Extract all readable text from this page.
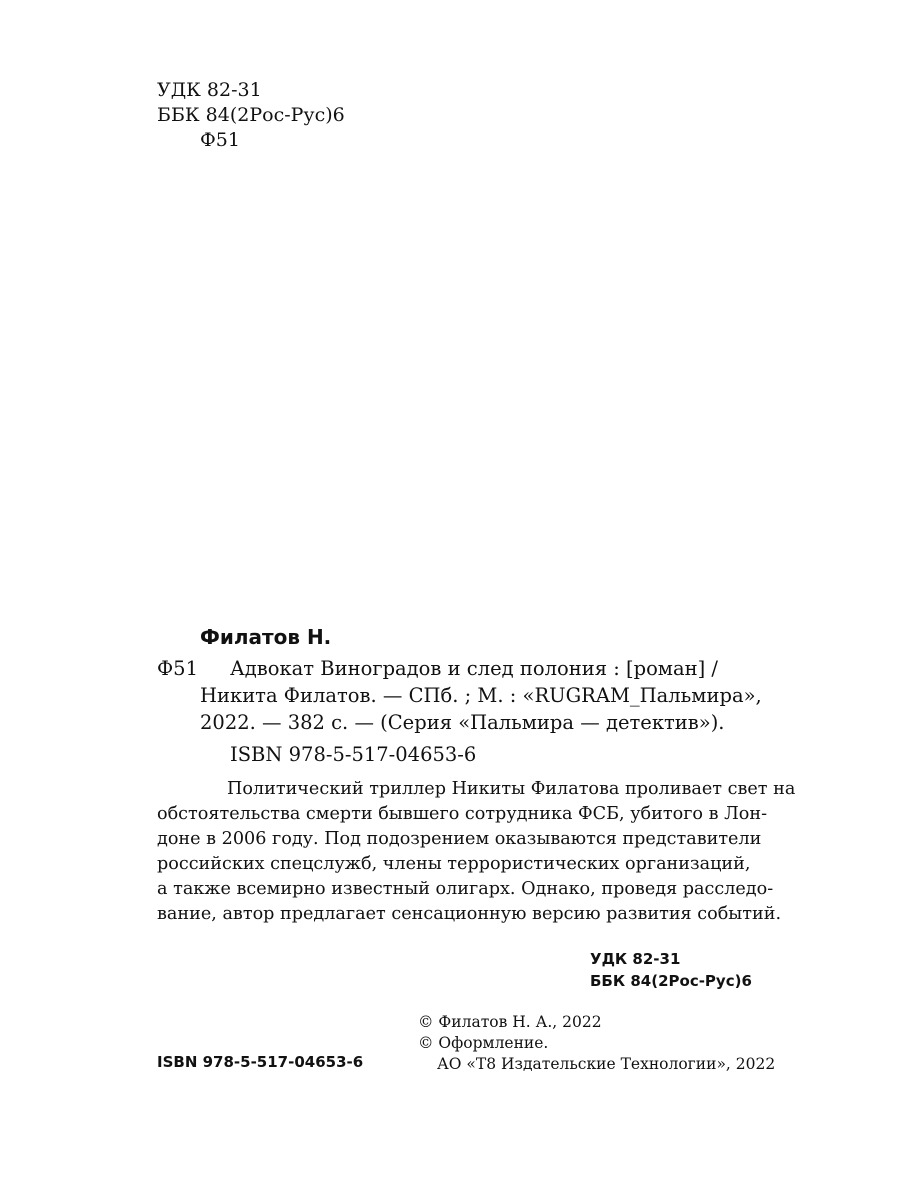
УДК 82-31
ББК 84(2Рос-Рус)6
Ф51
Филатов Н.
Ф51 Адвокат Виноградов и след полония : [роман] /
Никита Филатов. — СПб. ; М. : «RUGRAM_Пальмира»,
2022. — 382 с. — (Серия «Пальмира — детектив»).
ISBN 978-5-517-04653-6
Политический триллер Никиты Филатова проливает свет на
обстоятельства смерти бывшего сотрудника ФСБ, убитого в Лон-
доне в 2006 году. Под подозрением оказываются представители
российских спецслужб, члены террористических организаций,
а также всемирно известный олигарх. Однако, проведя расследо-
вание, автор предлагает сенсационную версию развития событий.
УДК 82-31
ББК 84(2Рос-Рус)6
ISBN 978-5-517-04653-6
© Филатов Н. А., 2022
© Оформление.
АО «Т8 Издательские Технологии», 2022
